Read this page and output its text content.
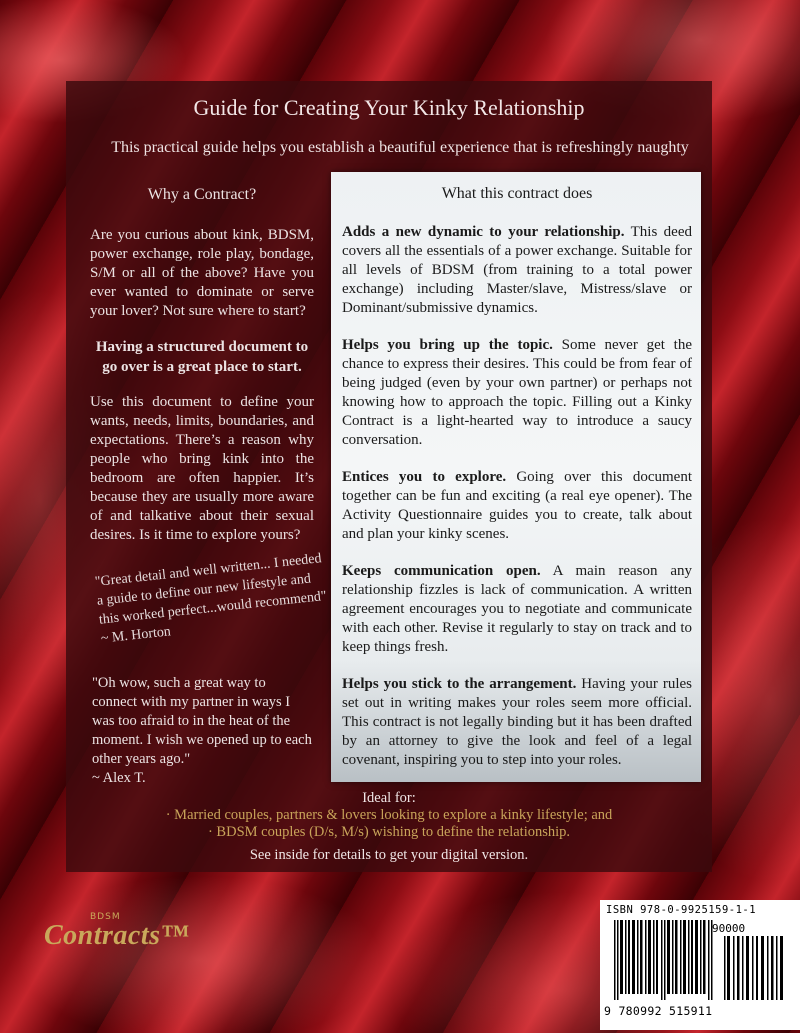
Guide for Creating Your Kinky Relationship
This practical guide helps you establish a beautiful experience that is refreshingly naughty
Why a Contract?

Are you curious about kink, BDSM, power exchange, role play, bondage, S/M or all of the above? Have you ever wanted to dominate or serve your lover? Not sure where to start?

Having a structured document to go over is a great place to start.

Use this document to define your wants, needs, limits, boundaries, and expectations. There’s a reason why people who bring kink into the bedroom are often happier. It’s because they are usually more aware of and talkative about their sexual desires. Is it time to explore yours?

"Great detail and well written... I needed a guide to define our new lifestyle and this worked perfect...would recommend"
~ M. Horton
"Oh wow, such a great way to connect with my partner in ways I was too afraid to in the heat of the moment. I wish we opened up to each other years ago."
~ Alex T.
What this contract does

Adds a new dynamic to your relationship. This deed covers all the essentials of a power exchange. Suitable for all levels of BDSM (from training to a total power exchange) including Master/slave, Mistress/slave or Dominant/submissive dynamics.

Helps you bring up the topic. Some never get the chance to express their desires. This could be from fear of being judged (even by your own partner) or perhaps not knowing how to approach the topic. Filling out a Kinky Contract is a light-hearted way to introduce a saucy conversation.

Entices you to explore. Going over this document together can be fun and exciting (a real eye opener). The Activity Questionnaire guides you to create, talk about and plan your kinky scenes.

Keeps communication open. A main reason any relationship fizzles is lack of communication. A written agreement encourages you to negotiate and communicate with each other. Revise it regularly to stay on track and to keep things fresh.

Helps you stick to the arrangement. Having your rules set out in writing makes your roles seem more official. This contract is not legally binding but it has been drafted by an attorney to give the look and feel of a legal covenant, inspiring you to step into your roles.

Ideal for:
· Married couples, partners & lovers looking to explore a kinky lifestyle; and
· BDSM couples (D/s, M/s) wishing to define the relationship.
See inside for details to get your digital version.
BDSM
Contracts™
ISBN 978-0-9925159-1-1
90000
9 780992 515911
